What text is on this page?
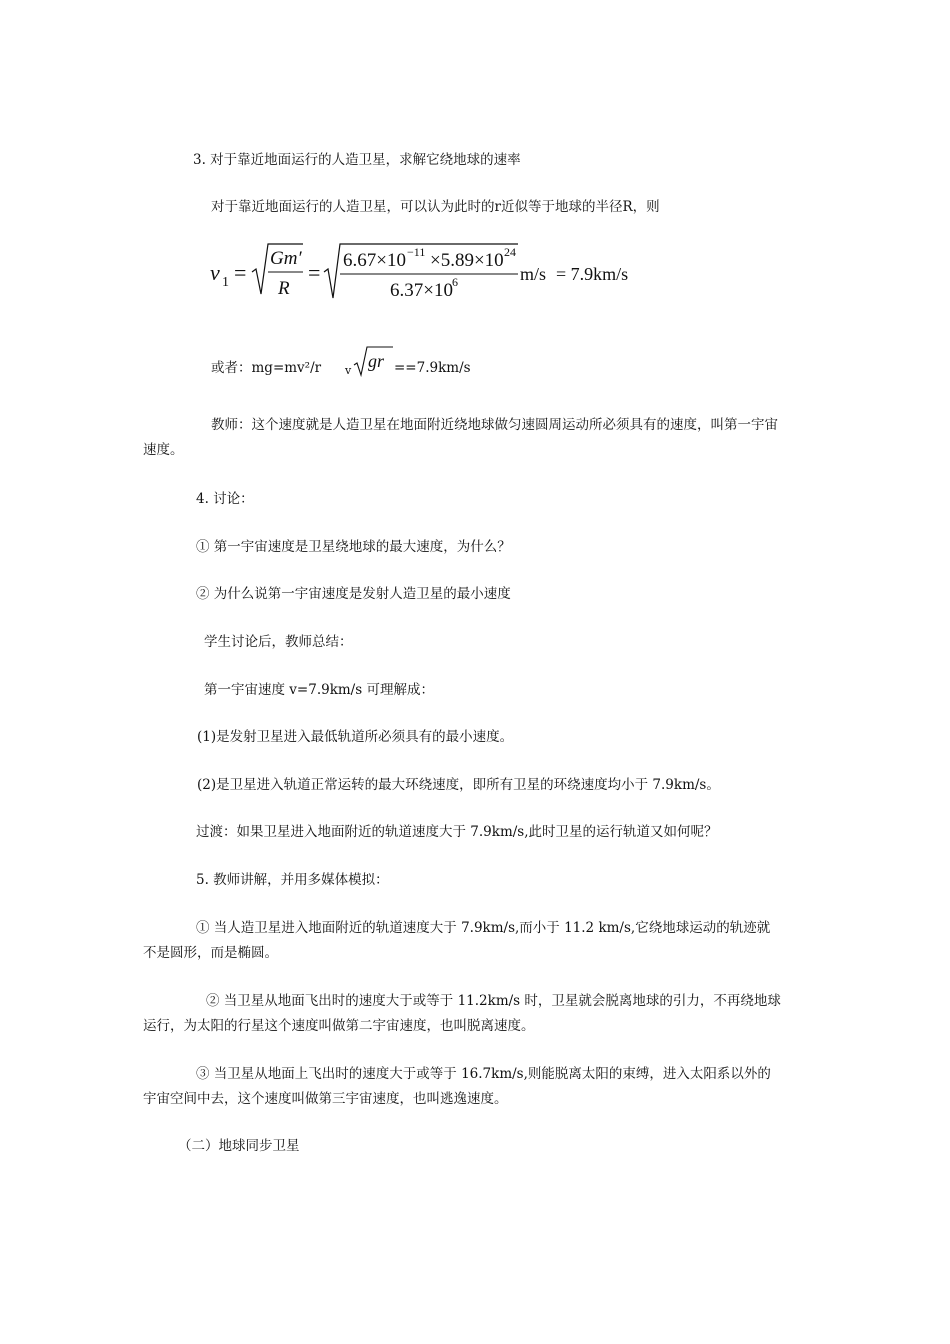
3. 对于靠近地面运行的人造卫星，求解它绕地球的速率
对于靠近地面运行的人造卫星，可以认为此时的r近似等于地球的半径R，则
v 1 =
Gm′
R
= 6.67×10 −11 ×5.89×10 24
6.37×10 6	m/s = 7.9km/s
或者：mg=mv²/r v gr ==7.9km/s
教师：这个速度就是人造卫星在地面附近绕地球做匀速圆周运动所必须具有的速度，叫第一宇宙
速度。
4. 讨论：
① 第一宇宙速度是卫星绕地球的最大速度，为什么？
② 为什么说第一宇宙速度是发射人造卫星的最小速度
学生讨论后，教师总结：
第一宇宙速度 v=7.9km/s 可理解成：
(1)是发射卫星进入最低轨道所必须具有的最小速度。
(2)是卫星进入轨道正常运转的最大环绕速度，即所有卫星的环绕速度均小于 7.9km/s。
过渡：如果卫星进入地面附近的轨道速度大于 7.9km/s,此时卫星的运行轨道又如何呢？
5. 教师讲解，并用多媒体模拟：
① 当人造卫星进入地面附近的轨道速度大于 7.9km/s,而小于 11.2 km/s,它绕地球运动的轨迹就
不是圆形，而是椭圆。
② 当卫星从地面飞出时的速度大于或等于 11.2km/s 时，卫星就会脱离地球的引力，不再绕地球
运行，为太阳的行星这个速度叫做第二宇宙速度，也叫脱离速度。
③ 当卫星从地面上飞出时的速度大于或等于 16.7km/s,则能脱离太阳的束缚，进入太阳系以外的
宇宙空间中去，这个速度叫做第三宇宙速度，也叫逃逸速度。
（二）地球同步卫星
